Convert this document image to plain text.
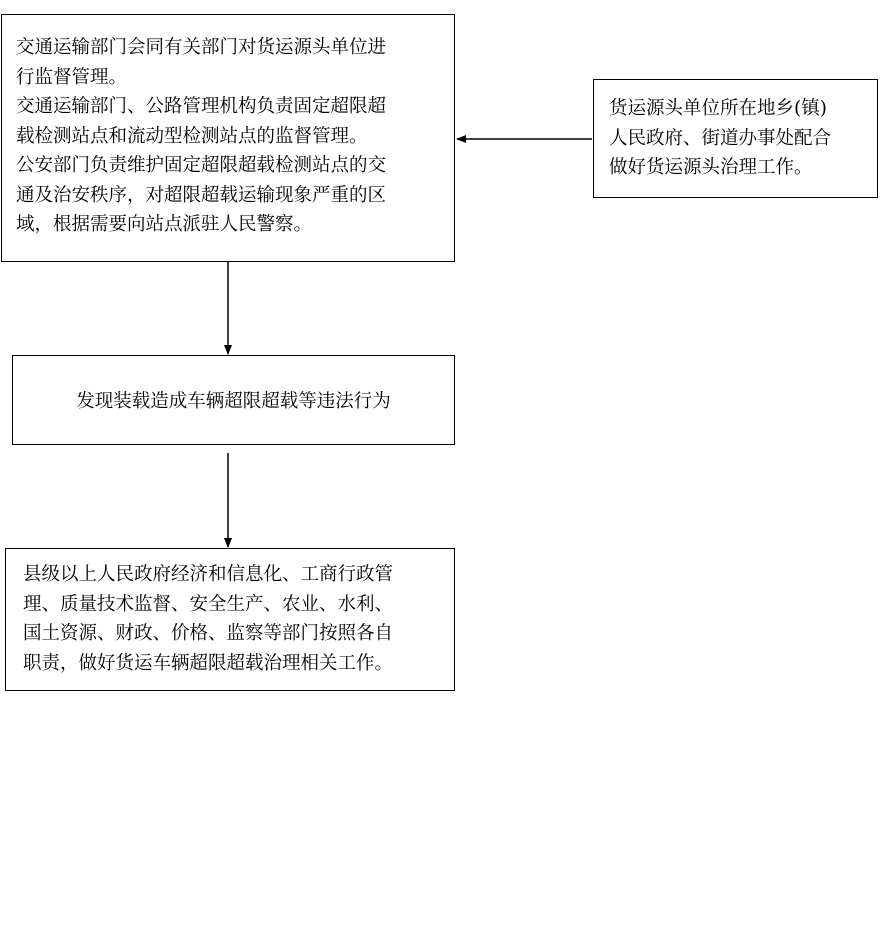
交通运输部门会同有关部门对货运源头单位进
行监督管理。
交通运输部门、公路管理机构负责固定超限超
载检测站点和流动型检测站点的监督管理。
公安部门负责维护固定超限超载检测站点的交
通及治安秩序，对超限超载运输现象严重的区
域，根据需要向站点派驻人民警察。
货运源头单位所在地乡(镇)
人民政府、街道办事处配合
做好货运源头治理工作。
发现装载造成车辆超限超载等违法行为
县级以上人民政府经济和信息化、工商行政管
理、质量技术监督、安全生产、农业、水利、
国土资源、财政、价格、监察等部门按照各自
职责，做好货运车辆超限超载治理相关工作。
